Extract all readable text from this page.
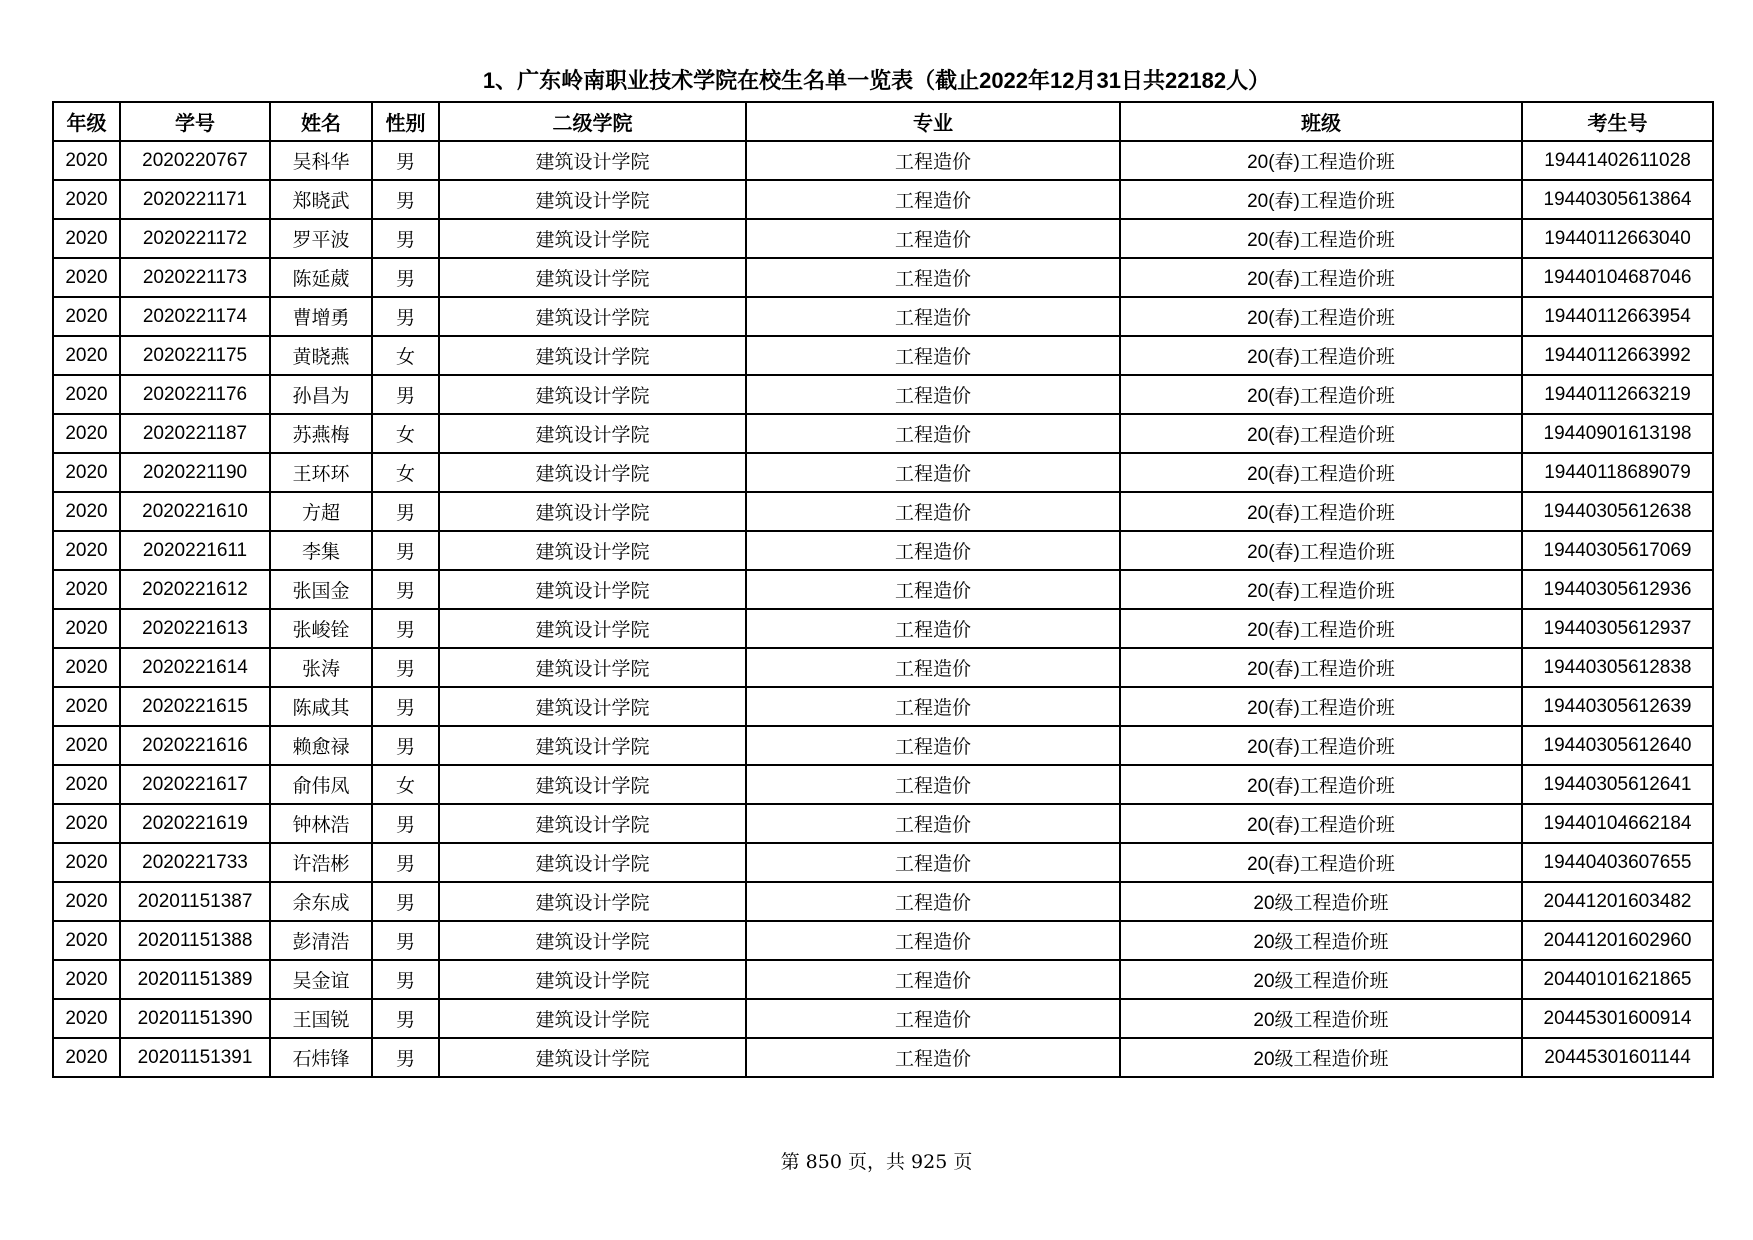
1、广东岭南职业技术学院在校生名单一览表（截止2022年12月31日共22182人）
年级	学号	姓名	性别	二级学院	专业	班级	考生号
2020	2020220767	吴科华	男	建筑设计学院	工程造价	20(春)工程造价班	19441402611028
2020	2020221171	郑晓武	男	建筑设计学院	工程造价	20(春)工程造价班	19440305613864
2020	2020221172	罗平波	男	建筑设计学院	工程造价	20(春)工程造价班	19440112663040
2020	2020221173	陈延葳	男	建筑设计学院	工程造价	20(春)工程造价班	19440104687046
2020	2020221174	曹增勇	男	建筑设计学院	工程造价	20(春)工程造价班	19440112663954
2020	2020221175	黄晓燕	女	建筑设计学院	工程造价	20(春)工程造价班	19440112663992
2020	2020221176	孙昌为	男	建筑设计学院	工程造价	20(春)工程造价班	19440112663219
2020	2020221187	苏燕梅	女	建筑设计学院	工程造价	20(春)工程造价班	19440901613198
2020	2020221190	王环环	女	建筑设计学院	工程造价	20(春)工程造价班	19440118689079
2020	2020221610	方超	男	建筑设计学院	工程造价	20(春)工程造价班	19440305612638
2020	2020221611	李集	男	建筑设计学院	工程造价	20(春)工程造价班	19440305617069
2020	2020221612	张国金	男	建筑设计学院	工程造价	20(春)工程造价班	19440305612936
2020	2020221613	张峻铨	男	建筑设计学院	工程造价	20(春)工程造价班	19440305612937
2020	2020221614	张涛	男	建筑设计学院	工程造价	20(春)工程造价班	19440305612838
2020	2020221615	陈咸其	男	建筑设计学院	工程造价	20(春)工程造价班	19440305612639
2020	2020221616	赖愈禄	男	建筑设计学院	工程造价	20(春)工程造价班	19440305612640
2020	2020221617	俞伟凤	女	建筑设计学院	工程造价	20(春)工程造价班	19440305612641
2020	2020221619	钟林浩	男	建筑设计学院	工程造价	20(春)工程造价班	19440104662184
2020	2020221733	许浩彬	男	建筑设计学院	工程造价	20(春)工程造价班	19440403607655
2020	20201151387	余东成	男	建筑设计学院	工程造价	20级工程造价班	20441201603482
2020	20201151388	彭清浩	男	建筑设计学院	工程造价	20级工程造价班	20441201602960
2020	20201151389	吴金谊	男	建筑设计学院	工程造价	20级工程造价班	20440101621865
2020	20201151390	王国锐	男	建筑设计学院	工程造价	20级工程造价班	20445301600914
2020	20201151391	石炜锋	男	建筑设计学院	工程造价	20级工程造价班	20445301601144
第 850 页，共 925 页
